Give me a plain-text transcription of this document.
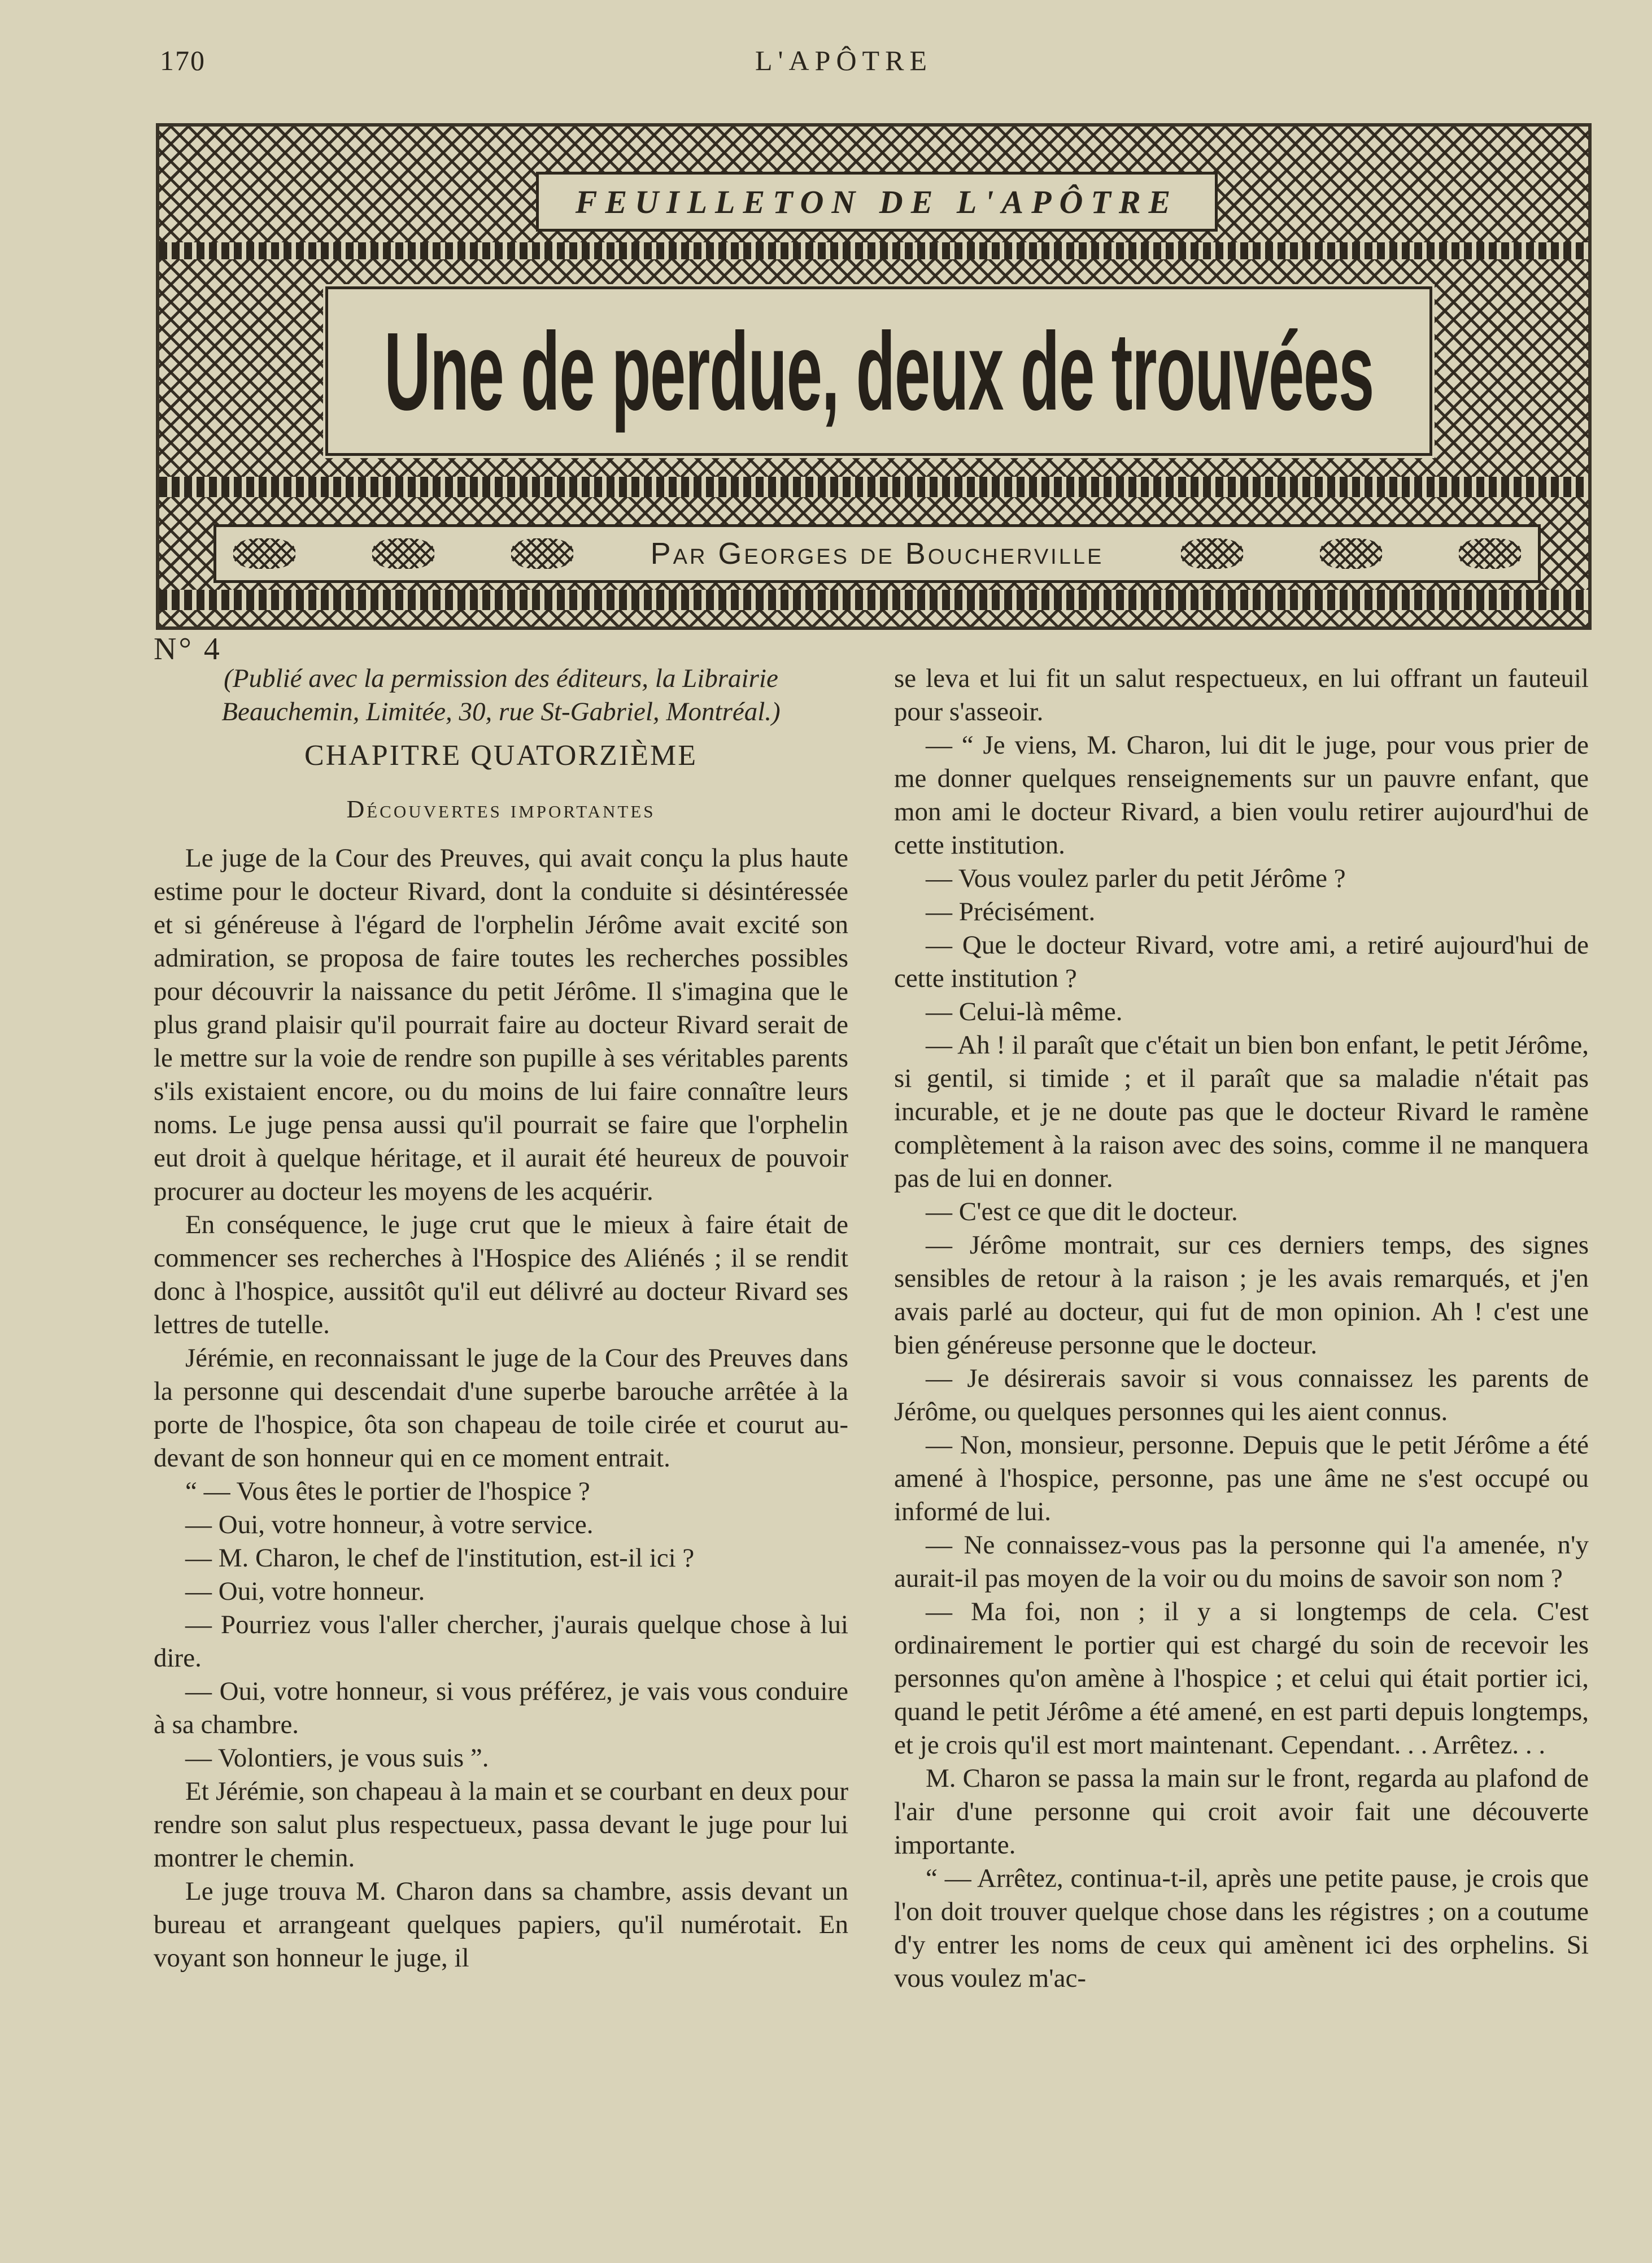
170	L'APÔTRE
FEUILLETON DE L'APÔTRE
Une de perdue, deux de trouvées
Par Georges de Boucherville
N° 4

(Publié avec la permission des éditeurs, la Librairie Beauchemin, Limitée, 30, rue St-Gabriel, Montréal.)

CHAPITRE QUATORZIÈME
Découvertes importantes

Le juge de la Cour des Preuves, qui avait conçu la plus haute estime pour le docteur Rivard, dont la conduite si désintéressée et si généreuse à l'égard de l'orphelin Jérôme avait excité son admiration, se proposa de faire toutes les recherches possibles pour découvrir la naissance du petit Jérôme. Il s'imagina que le plus grand plaisir qu'il pourrait faire au docteur Rivard serait de le mettre sur la voie de rendre son pupille à ses véritables parents s'ils existaient encore, ou du moins de lui faire connaître leurs noms. Le juge pensa aussi qu'il pourrait se faire que l'orphelin eut droit à quelque héritage, et il aurait été heureux de pouvoir procurer au docteur les moyens de les acquérir.

En conséquence, le juge crut que le mieux à faire était de commencer ses recherches à l'Hospice des Aliénés ; il se rendit donc à l'hospice, aussitôt qu'il eut délivré au docteur Rivard ses lettres de tutelle.

Jérémie, en reconnaissant le juge de la Cour des Preuves dans la personne qui descendait d'une superbe barouche arrêtée à la porte de l'hospice, ôta son chapeau de toile cirée et courut au-devant de son honneur qui en ce moment entrait.

“ — Vous êtes le portier de l'hospice ?

— Oui, votre honneur, à votre service.

— M. Charon, le chef de l'institution, est-il ici ?

— Oui, votre honneur.

— Pourriez vous l'aller chercher, j'aurais quelque chose à lui dire.

— Oui, votre honneur, si vous préférez, je vais vous conduire à sa chambre.

— Volontiers, je vous suis ”.

Et Jérémie, son chapeau à la main et se courbant en deux pour rendre son salut plus respectueux, passa devant le juge pour lui montrer le chemin.

Le juge trouva M. Charon dans sa chambre, assis devant un bureau et arrangeant quelques papiers, qu'il numérotait. En voyant son honneur le juge, il

se leva et lui fit un salut respectueux, en lui offrant un fauteuil pour s'asseoir.

— “ Je viens, M. Charon, lui dit le juge, pour vous prier de me donner quelques renseignements sur un pauvre enfant, que mon ami le docteur Rivard, a bien voulu retirer aujourd'hui de cette institution.

— Vous voulez parler du petit Jérôme ?

— Précisément.

— Que le docteur Rivard, votre ami, a retiré aujourd'hui de cette institution ?

— Celui-là même.

— Ah ! il paraît que c'était un bien bon enfant, le petit Jérôme, si gentil, si timide ; et il paraît que sa maladie n'était pas incurable, et je ne doute pas que le docteur Rivard le ramène complètement à la raison avec des soins, comme il ne manquera pas de lui en donner.

— C'est ce que dit le docteur.

— Jérôme montrait, sur ces derniers temps, des signes sensibles de retour à la raison ; je les avais remarqués, et j'en avais parlé au docteur, qui fut de mon opinion. Ah ! c'est une bien généreuse personne que le docteur.

— Je désirerais savoir si vous connaissez les parents de Jérôme, ou quelques personnes qui les aient connus.

— Non, monsieur, personne. Depuis que le petit Jérôme a été amené à l'hospice, personne, pas une âme ne s'est occupé ou informé de lui.

— Ne connaissez-vous pas la personne qui l'a amenée, n'y aurait-il pas moyen de la voir ou du moins de savoir son nom ?

— Ma foi, non ; il y a si longtemps de cela. C'est ordinairement le portier qui est chargé du soin de recevoir les personnes qu'on amène à l'hospice ; et celui qui était portier ici, quand le petit Jérôme a été amené, en est parti depuis longtemps, et je crois qu'il est mort maintenant. Cependant. . . Arrêtez. . .

M. Charon se passa la main sur le front, regarda au plafond de l'air d'une personne qui croit avoir fait une découverte importante.

“ — Arrêtez, continua-t-il, après une petite pause, je crois que l'on doit trouver quelque chose dans les régistres ; on a coutume d'y entrer les noms de ceux qui amènent ici des orphelins. Si vous voulez m'ac-
